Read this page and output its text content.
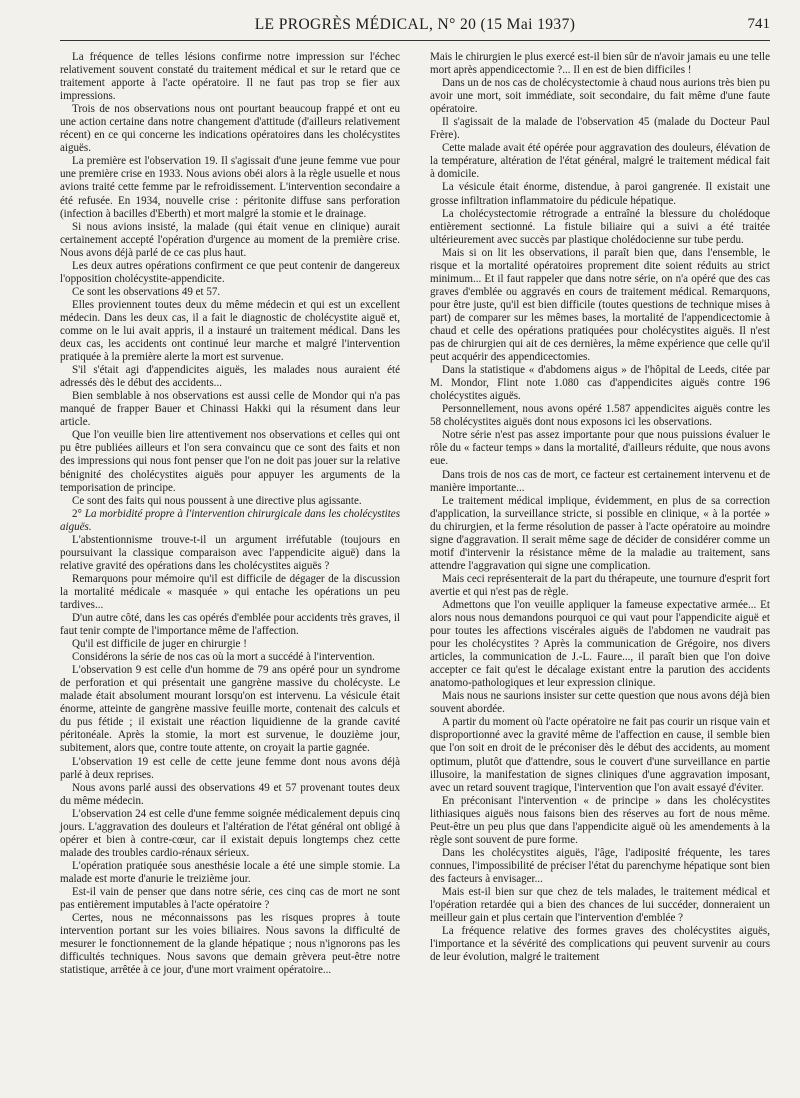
LE PROGRÈS MÉDICAL, N° 20 (15 Mai 1937)	741

La fréquence de telles lésions confirme notre impression sur l'échec relativement souvent constaté du traitement médical et sur le retard que ce traitement apporte à l'acte opératoire. Il ne faut pas trop se fier aux impressions.

Trois de nos observations nous ont pourtant beaucoup frappé et ont eu une action certaine dans notre changement d'attitude (d'ailleurs relativement récent) en ce qui concerne les indications opératoires dans les cholécystites aiguës.

La première est l'observation 19. Il s'agissait d'une jeune femme vue pour une première crise en 1933. Nous avions obéi alors à la règle usuelle et nous avions traité cette femme par le refroidissement. L'intervention secondaire a été refusée. En 1934, nouvelle crise : péritonite diffuse sans perforation (infection à bacilles d'Eberth) et mort malgré la stomie et le drainage.

Si nous avions insisté, la malade (qui était venue en clinique) aurait certainement accepté l'opération d'urgence au moment de la première crise. Nous avons déjà parlé de ce cas plus haut.

Les deux autres opérations confirment ce que peut contenir de dangereux l'opposition cholécystite-appendicite.

Ce sont les observations 49 et 57.

Elles proviennent toutes deux du même médecin et qui est un excellent médecin. Dans les deux cas, il a fait le diagnostic de cholécystite aiguë et, comme on le lui avait appris, il a instauré un traitement médical. Dans les deux cas, les accidents ont continué leur marche et malgré l'intervention pratiquée à la première alerte la mort est survenue.

S'il s'était agi d'appendicites aiguës, les malades nous auraient été adressés dès le début des accidents...

Bien semblable à nos observations est aussi celle de Mondor qui n'a pas manqué de frapper Bauer et Chinassi Hakki qui la résument dans leur article.

Que l'on veuille bien lire attentivement nos observations et celles qui ont pu être publiées ailleurs et l'on sera convaincu que ce sont des faits et non des impressions qui nous font penser que l'on ne doit pas jouer sur la relative bénignité des cholécystites aiguës pour appuyer les arguments de la temporisation de principe.

Ce sont des faits qui nous poussent à une directive plus agissante.

2° La morbidité propre à l'intervention chirurgicale dans les cholécystites aiguës.

L'abstentionnisme trouve-t-il un argument irréfutable (toujours en poursuivant la classique comparaison avec l'appendicite aiguë) dans la relative gravité des opérations dans les cholécystites aiguës ?

Remarquons pour mémoire qu'il est difficile de dégager de la discussion la mortalité médicale « masquée » qui entache les opérations un peu tardives...

D'un autre côté, dans les cas opérés d'emblée pour accidents très graves, il faut tenir compte de l'importance même de l'affection.

Qu'il est difficile de juger en chirurgie !

Considérons la série de nos cas où la mort a succédé à l'intervention.

L'observation 9 est celle d'un homme de 79 ans opéré pour un syndrome de perforation et qui présentait une gangrène massive du cholécyste. Le malade était absolument mourant lorsqu'on est intervenu. La vésicule était énorme, atteinte de gangrène massive feuille morte, contenait des calculs et du pus fétide ; il existait une réaction liquidienne de la grande cavité péritonéale. Après la stomie, la mort est survenue, le douzième jour, subitement, alors que, contre toute attente, on croyait la partie gagnée.

L'observation 19 est celle de cette jeune femme dont nous avons déjà parlé à deux reprises.

Nous avons parlé aussi des observations 49 et 57 provenant toutes deux du même médecin.

L'observation 24 est celle d'une femme soignée médicalement depuis cinq jours. L'aggravation des douleurs et l'altération de l'état général ont obligé à opérer et bien à contre-cœur, car il existait depuis longtemps chez cette malade des troubles cardio-rénaux sérieux.

L'opération pratiquée sous anesthésie locale a été une simple stomie. La malade est morte d'anurie le treizième jour.

Est-il vain de penser que dans notre série, ces cinq cas de mort ne sont pas entièrement imputables à l'acte opératoire ?

Certes, nous ne méconnaissons pas les risques propres à toute intervention portant sur les voies biliaires. Nous savons la difficulté de mesurer le fonctionnement de la glande hépatique ; nous n'ignorons pas les difficultés techniques. Nous savons que demain grèvera peut-être notre statistique, arrêtée à ce jour, d'une mort vraiment opératoire...

Mais le chirurgien le plus exercé est-il bien sûr de n'avoir jamais eu une telle mort après appendicectomie ?... Il en est de bien difficiles !

Dans un de nos cas de cholécystectomie à chaud nous aurions très bien pu avoir une mort, soit immédiate, soit secondaire, du fait même d'une faute opératoire.

Il s'agissait de la malade de l'observation 45 (malade du Docteur Paul Frère).

Cette malade avait été opérée pour aggravation des douleurs, élévation de la température, altération de l'état général, malgré le traitement médical fait à domicile.

La vésicule était énorme, distendue, à paroi gangrenée. Il existait une grosse infiltration inflammatoire du pédicule hépatique.

La cholécystectomie rétrograde a entraîné la blessure du cholédoque entièrement sectionné. La fistule biliaire qui a suivi a été traitée ultérieurement avec succès par plastique cholédocienne sur tube perdu.

Mais si on lit les observations, il paraît bien que, dans l'ensemble, le risque et la mortalité opératoires proprement dite soient réduits au strict minimum... Et il faut rappeler que dans notre série, on n'a opéré que des cas graves d'emblée ou aggravés en cours de traitement médical. Remarquons, pour être juste, qu'il est bien difficile (toutes questions de technique mises à part) de comparer sur les mêmes bases, la mortalité de l'appendicectomie à chaud et celle des opérations pratiquées pour cholécystites aiguës. Il n'est pas de chirurgien qui ait de ces dernières, la même expérience que celle qu'il peut acquérir des appendicectomies.

Dans la statistique « d'abdomens aigus » de l'hôpital de Leeds, citée par M. Mondor, Flint note 1.080 cas d'appendicites aiguës contre 196 cholécystites aiguës.

Personnellement, nous avons opéré 1.587 appendicites aiguës contre les 58 cholécystites aiguës dont nous exposons ici les observations.

Notre série n'est pas assez importante pour que nous puissions évaluer le rôle du « facteur temps » dans la mortalité, d'ailleurs réduite, que nous avons eue.

Dans trois de nos cas de mort, ce facteur est certainement intervenu et de manière importante...

Le traitement médical implique, évidemment, en plus de sa correction d'application, la surveillance stricte, si possible en clinique, « à la portée » du chirurgien, et la ferme résolution de passer à l'acte opératoire au moindre signe d'aggravation. Il serait même sage de décider de considérer comme un motif d'intervenir la résistance même de la maladie au traitement, sans attendre l'aggravation qui signe une complication.

Mais ceci représenterait de la part du thérapeute, une tournure d'esprit fort avertie et qui n'est pas de règle.

Admettons que l'on veuille appliquer la fameuse expectative armée... Et alors nous nous demandons pourquoi ce qui vaut pour l'appendicite aiguë et pour toutes les affections viscérales aiguës de l'abdomen ne vaudrait pas pour les cholécystites ? Après la communication de Grégoire, nos divers articles, la communication de J.-L. Faure..., il paraît bien que l'on doive accepter ce fait qu'est le décalage existant entre la parution des accidents anatomo-pathologiques et leur expression clinique.

Mais nous ne saurions insister sur cette question que nous avons déjà bien souvent abordée.

A partir du moment où l'acte opératoire ne fait pas courir un risque vain et disproportionné avec la gravité même de l'affection en cause, il semble bien que l'on soit en droit de le préconiser dès le début des accidents, au moment optimum, plutôt que d'attendre, sous le couvert d'une surveillance en partie illusoire, la manifestation de signes cliniques d'une aggravation imposant, avec un retard souvent tragique, l'intervention que l'on avait essayé d'éviter.

En préconisant l'intervention « de principe » dans les cholécystites lithiasiques aiguës nous faisons bien des réserves au fort de nous même. Peut-être un peu plus que dans l'appendicite aiguë où les amendements à la règle sont souvent de pure forme.

Dans les cholécystites aiguës, l'âge, l'adiposité fréquente, les tares connues, l'impossibilité de préciser l'état du parenchyme hépatique sont bien des facteurs à envisager...

Mais est-il bien sur que chez de tels malades, le traitement médical et l'opération retardée qui a bien des chances de lui succéder, donneraient un meilleur gain et plus certain que l'intervention d'emblée ?

La fréquence relative des formes graves des cholécystites aiguës, l'importance et la sévérité des complications qui peuvent survenir au cours de leur évolution, malgré le traitement
